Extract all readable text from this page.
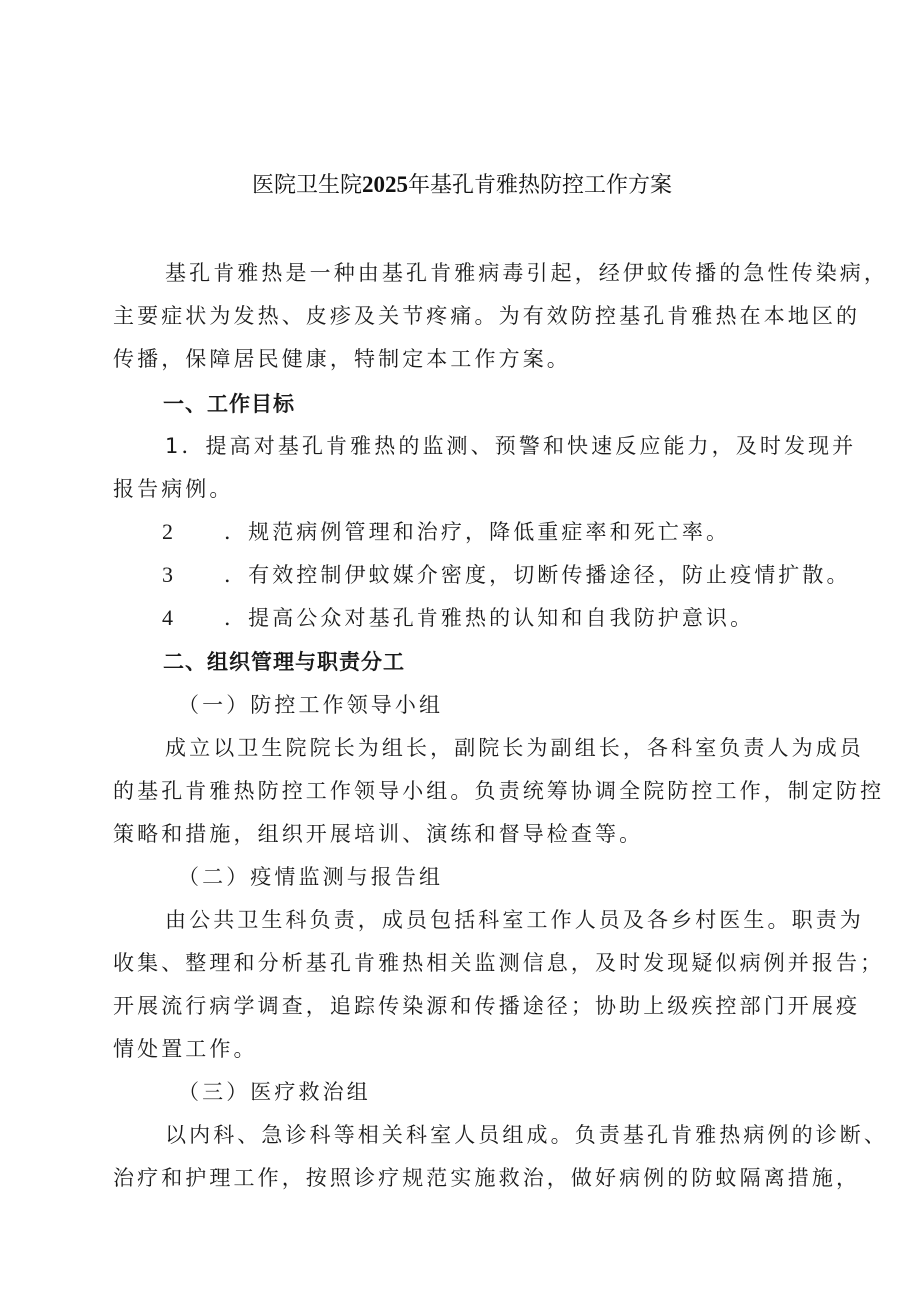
医院卫生院2025年基孔肯雅热防控工作方案
基孔肯雅热是一种由基孔肯雅病毒引起，经伊蚊传播的急性传染病，
主要症状为发热、皮疹及关节疼痛。为有效防控基孔肯雅热在本地区的
传播，保障居民健康，特制定本工作方案。
一、工作目标
1．提高对基孔肯雅热的监测、预警和快速反应能力，及时发现并
报告病例。
2 ．规范病例管理和治疗，降低重症率和死亡率。
3 ．有效控制伊蚊媒介密度，切断传播途径，防止疫情扩散。
4 ．提高公众对基孔肯雅热的认知和自我防护意识。
二、组织管理与职责分工
（一）防控工作领导小组
成立以卫生院院长为组长，副院长为副组长，各科室负责人为成员
的基孔肯雅热防控工作领导小组。负责统筹协调全院防控工作，制定防控
策略和措施，组织开展培训、演练和督导检查等。
（二）疫情监测与报告组
由公共卫生科负责，成员包括科室工作人员及各乡村医生。职责为
收集、整理和分析基孔肯雅热相关监测信息，及时发现疑似病例并报告；
开展流行病学调查，追踪传染源和传播途径；协助上级疾控部门开展疫
情处置工作。
（三）医疗救治组
以内科、急诊科等相关科室人员组成。负责基孔肯雅热病例的诊断、
治疗和护理工作，按照诊疗规范实施救治，做好病例的防蚊隔离措施，
